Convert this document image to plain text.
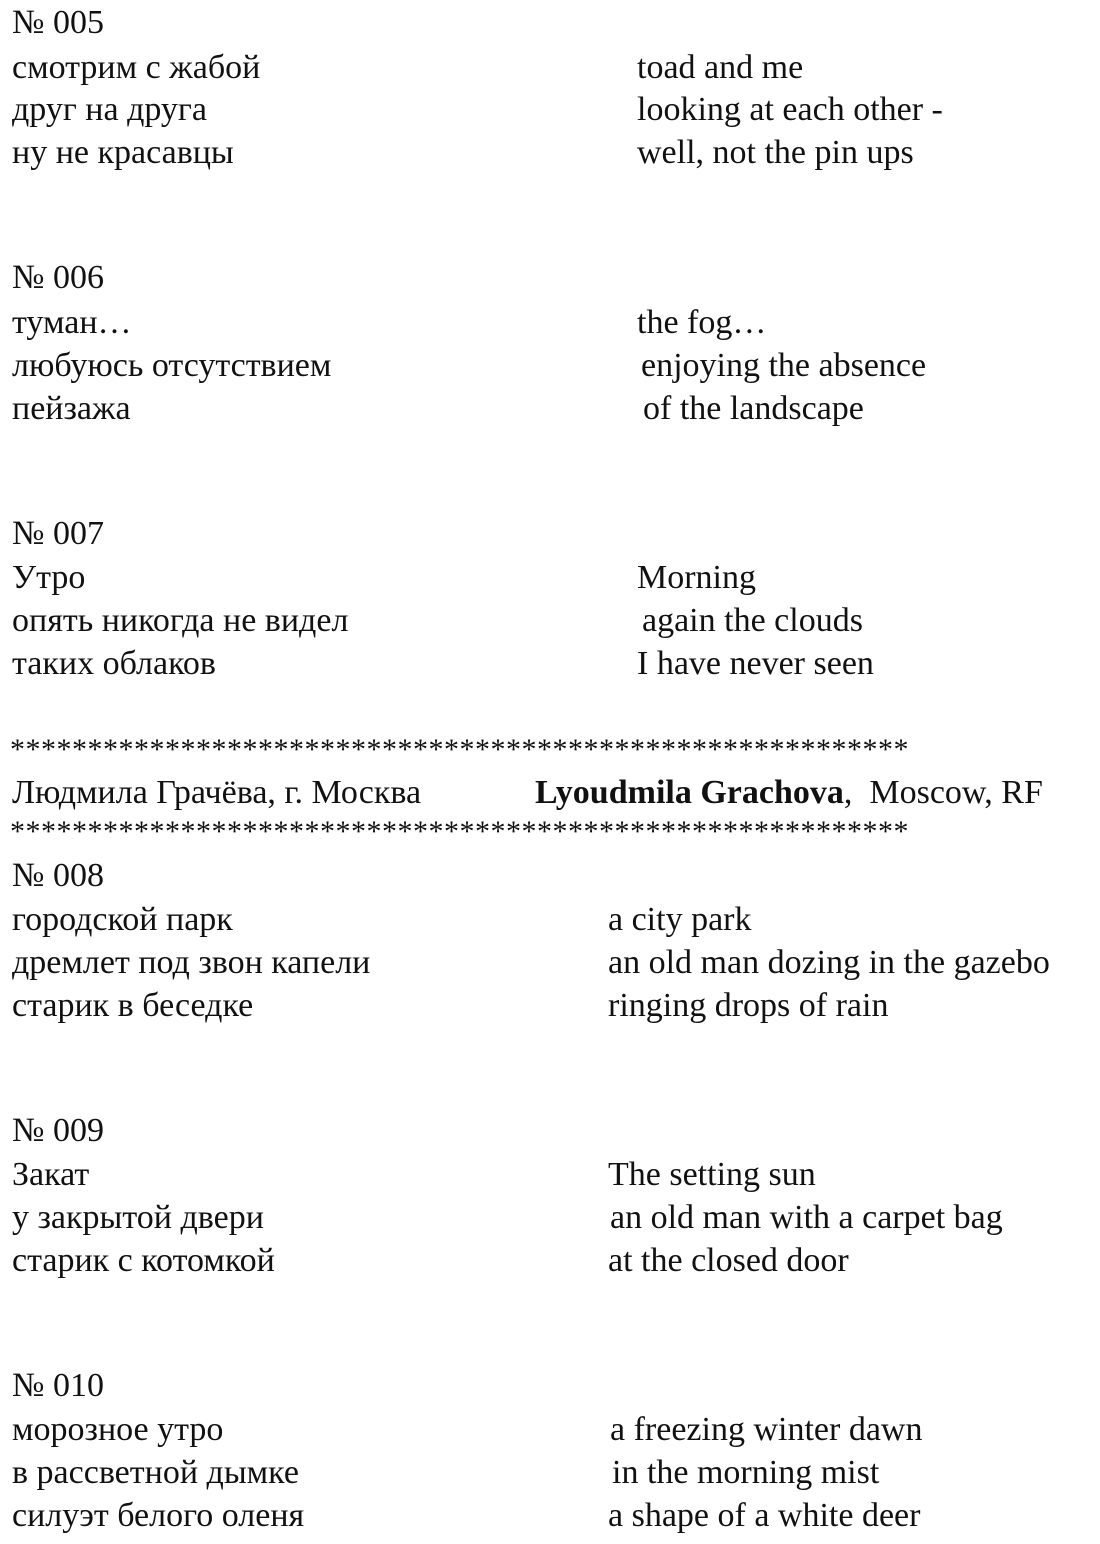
№ 005
смотрим с жабой
друг на друга
ну не красавцы
toad and me
looking at each other -
well, not the pin ups
№ 006
туман…
любуюсь отсутствием
пейзажа
the fog…
enjoying the absence
of the landscape
№ 007
Утро
опять никогда не видел
таких облаков
Morning
again the clouds
I have never seen
**********************************************************
Людмила Грачёва, г. Москва	Lyoudmila Grachova,  Moscow, RF
**********************************************************
№ 008
городской парк
дремлет под звон капели
старик в беседке
a city park
an old man dozing in the gazebo
ringing drops of rain
№ 009
Закат
у закрытой двери
старик с котомкой
The setting sun
an old man with a carpet bag
at the closed door
№ 010
морозное утро
в рассветной дымке
силуэт белого оленя
a freezing winter dawn
in the morning mist
a shape of a white deer
